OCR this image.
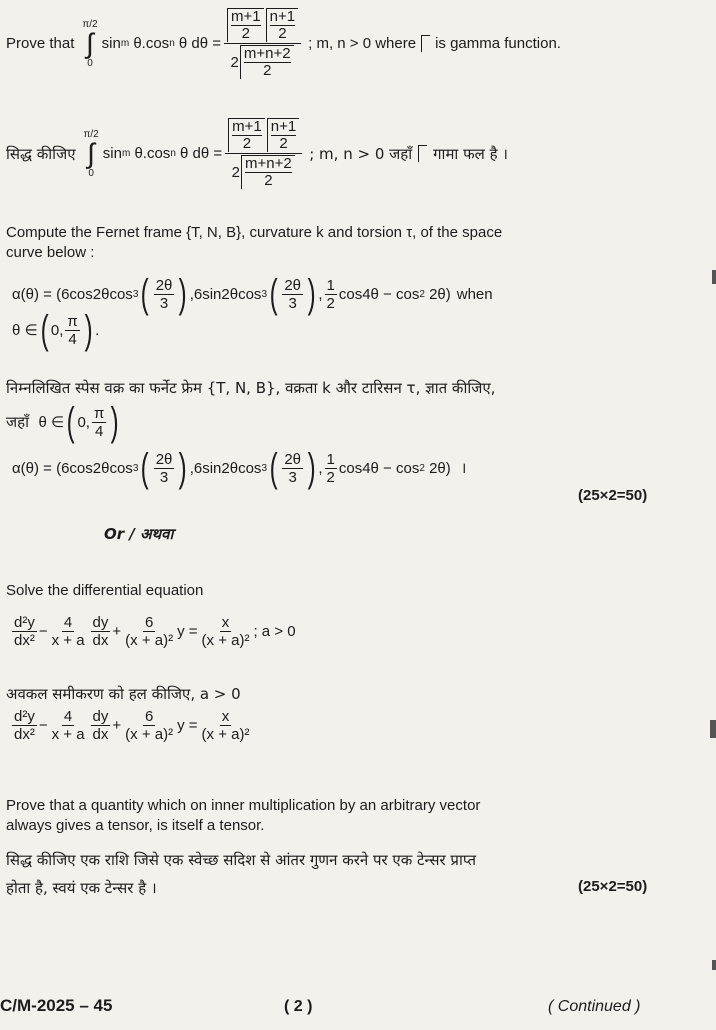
Prove that
π/2
∫
0
sin m
θ.cos n
θ dθ = m+1
2
n+1
2
2 m+n+2
2 ; m, n > 0 where is gamma function.
सिद्ध कीजिए
π/2
∫
0
sin m
θ.cos n
θ dθ = m+1
2
n+1
2
2 m+n+2
2 ; m, n > 0 जहाँ गामा फल है ।
Compute the Fernet frame {T, N, B}, curvature k and torsion τ, of the space
curve below :
α(θ) = (6cos2θcos 3 ( $\frac{2\theta}{3}$ ) ,6sin2θcos 3 ( $\frac{2\theta}{3}$ ) , $\frac{1}{2} \cos 4\theta - \cos 2$
2θ) when
θ ∈ ( 0, $\frac{\pi}{4}$ ) .
निम्नलिखित स्पेस वक्र का फर्नेट फ्रेम {T, N, B}, वक्रता k और टारिसन τ, ज्ञात कीजिए,
जहाँ
θ ∈ ( 0, $\frac{\pi}{4}$ )
α(θ) = (6cos2θcos 3 ( $\frac{2\theta}{3}$ ) ,6sin2θcos 3 ( $\frac{2\theta}{3}$ ) , $\frac{1}{2} \cos 4\theta - \cos 2$
2θ) ।
(25×2=50)
Or / अथवा
Solve the differential equation
$\frac{\text{d²y}}{\text{dx²}} - \frac{4}{x + a} \frac{dy}{dx} + \frac{6}{\text{(x + a)²}}$ $y = \frac{x}{\text{(x + a)²}}$ ; a > 0
अवकल समीकरण को हल कीजिए, a > 0
$\frac{\text{d²y}}{\text{dx²}} - \frac{4}{x + a} \frac{dy}{dx} + \frac{6}{\text{(x + a)²}}$ $y = \frac{x}{\text{(x + a)²}}$
Prove that a quantity which on inner multiplication by an arbitrary vector
always gives a tensor, is itself a tensor.
सिद्ध कीजिए एक राशि जिसे एक स्वेच्छ सदिश से आंतर गुणन करने पर एक टेन्सर प्राप्त
होता है, स्वयं एक टेन्सर है ।	(25×2=50)
C/M-2025 – 45	( 2 )	( Continued )
